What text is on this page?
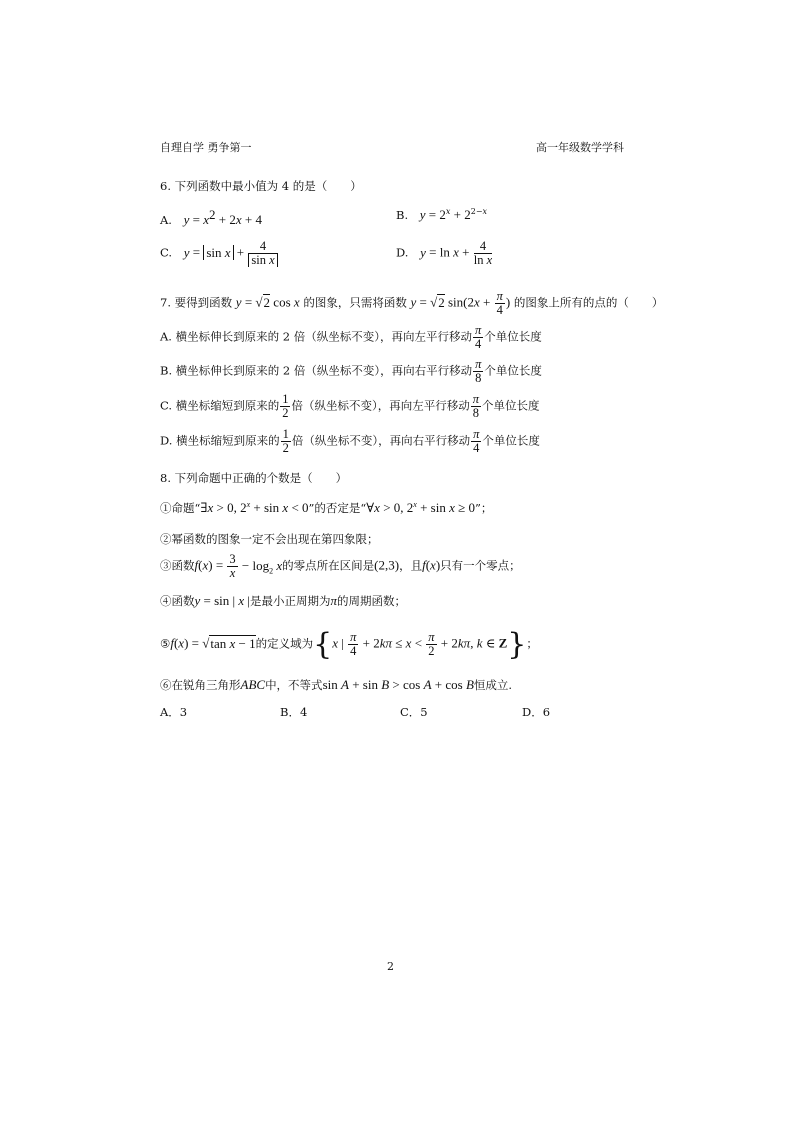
自理自学 勇争第一	高一年级数学学科
6. 下列函数中最小值为 4 的是（　　）
A. $y = x^2 + 2x + 4$	B. $y = 2^x + 2^{2-x}$
C. $y = \sin x + \frac{4}{\text{sin x}}$	D. $y = \ln x + \frac{4}{\text{ln x}}$
7. 要得到函数 y = √2 cos x 的图象，只需将函数 y = √2 $\sin(2x + \frac{\pi}{4}$ ) 的图象上所有的点的（　　）
A. 横坐标伸长到原来的 2 倍（纵坐标不变），再向左平行移动 $\frac{\pi}{4}$ 个单位长度
B. 横坐标伸长到原来的 2 倍（纵坐标不变），再向右平行移动 $\frac{\pi}{8}$ 个单位长度
C. 横坐标缩短到原来的 $\frac{1}{2}$ 倍（纵坐标不变），再向左平行移动 $\frac{\pi}{8}$ 个单位长度
D. 横坐标缩短到原来的 $\frac{1}{2}$ 倍（纵坐标不变），再向右平行移动 $\frac{\pi}{4}$ 个单位长度
8. 下列命题中正确的个数是（　　）
①命题“∃x > 0, $2^x + \sin x < 0$”的否定是“∀x > 0, $2^x + \sin x \ge 0$”；
②幂函数的图象一定不会出现在第四象限；
③函数$f(x) = \frac{3}{x} - \log_2 x$的零点所在区间是(2,3)，且f(x)只有一个零点；
④函数y = sin | x |是最小正周期为π的周期函数；
⑤f(x) = √tan x − 1的定义域为{x | $\frac{\pi}{4} + 2k\pi \le x < \frac{\pi}{2} + 2k\pi$, k ∈ Z}；
⑥在锐角三角形ABC中，不等式sin A + sin B > cos A + cos B恒成立.
A．3	B．4	C．5	D．6
2
